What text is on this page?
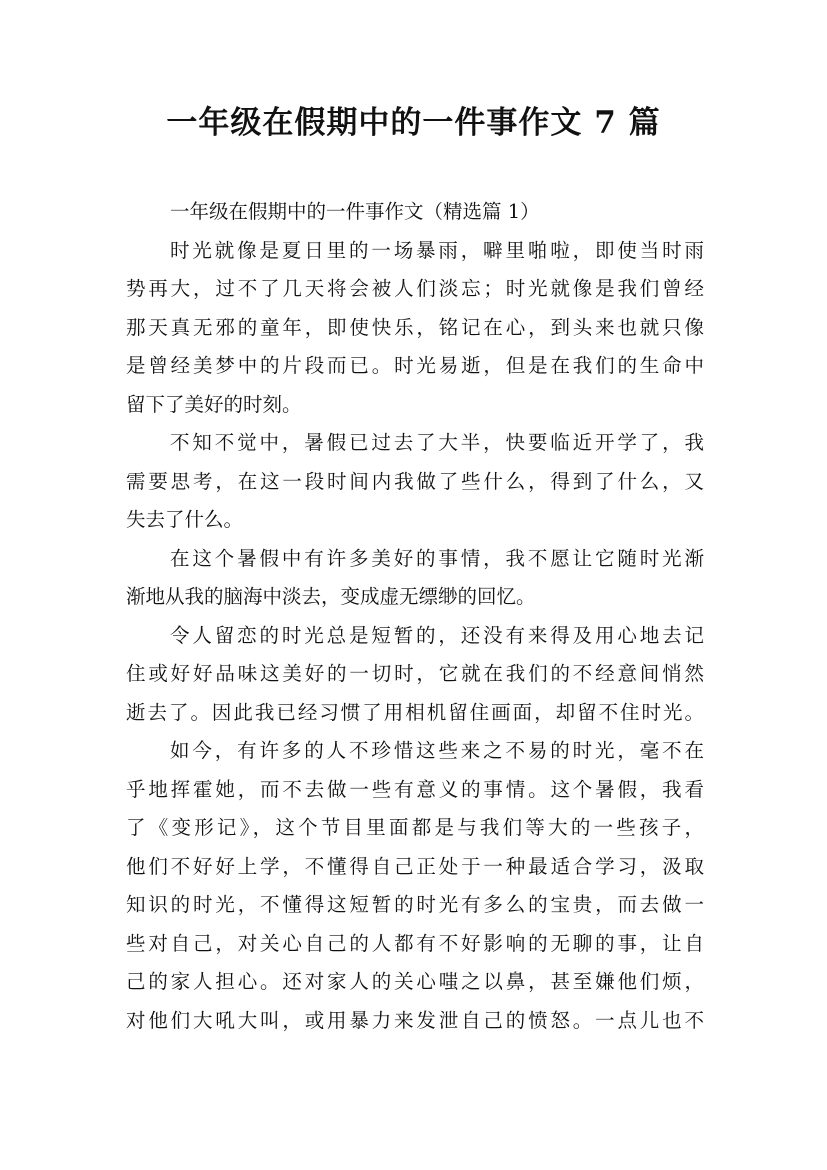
一年级在假期中的一件事作文 7 篇
一年级在假期中的一件事作文（精选篇 1）
时光就像是夏日里的一场暴雨，噼里啪啦，即使当时雨
势再大，过不了几天将会被人们淡忘；时光就像是我们曾经
那天真无邪的童年，即使快乐，铭记在心，到头来也就只像
是曾经美梦中的片段而已。时光易逝，但是在我们的生命中
留下了美好的时刻。
不知不觉中，暑假已过去了大半，快要临近开学了，我
需要思考，在这一段时间内我做了些什么，得到了什么，又
失去了什么。
在这个暑假中有许多美好的事情，我不愿让它随时光渐
渐地从我的脑海中淡去，变成虚无缥缈的回忆。
令人留恋的时光总是短暂的，还没有来得及用心地去记
住或好好品味这美好的一切时，它就在我们的不经意间悄然
逝去了。因此我已经习惯了用相机留住画面，却留不住时光。
如今，有许多的人不珍惜这些来之不易的时光，毫不在
乎地挥霍她，而不去做一些有意义的事情。这个暑假，我看
了《变形记》，这个节目里面都是与我们等大的一些孩子，
他们不好好上学，不懂得自己正处于一种最适合学习，汲取
知识的时光，不懂得这短暂的时光有多么的宝贵，而去做一
些对自己，对关心自己的人都有不好影响的无聊的事，让自
己的家人担心。还对家人的关心嗤之以鼻，甚至嫌他们烦，
对他们大吼大叫，或用暴力来发泄自己的愤怒。一点儿也不
